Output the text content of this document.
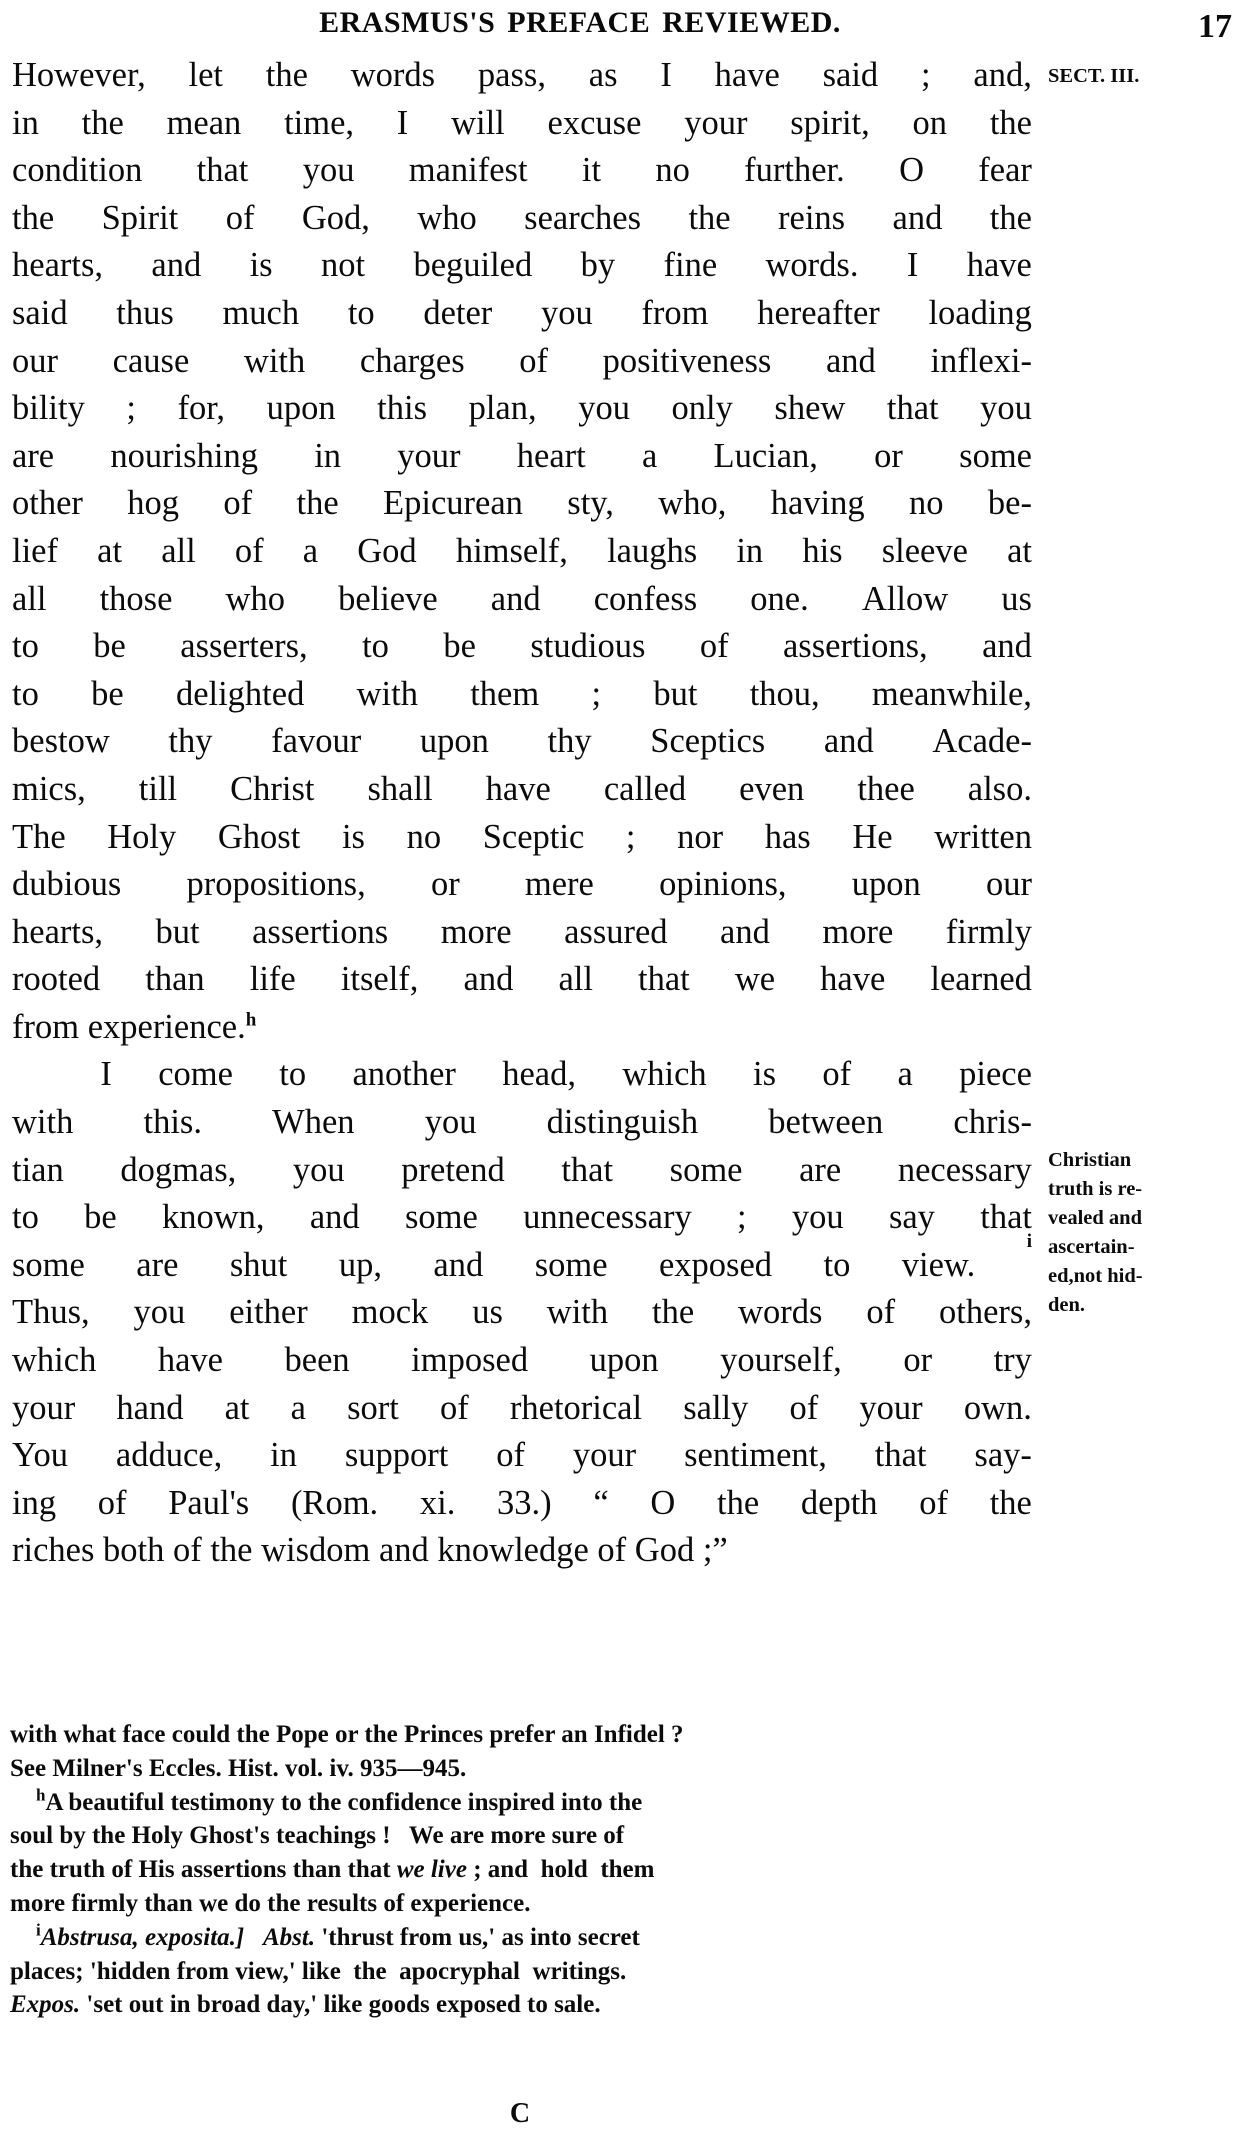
ERASMUS'S PREFACE REVIEWED.	17
SECT. III.
Christian
truth is re-
vealed and
ascertain-
ed,not hid-
den.

However, let the words pass, as I have said ; and,
in the mean time, I will excuse your spirit, on the
condition that you manifest it no further. O fear
the Spirit of God, who searches the reins and the
hearts, and is not beguiled by fine words. I have
said thus much to deter you from hereafter loading
our cause with charges of positiveness and inflexi-
bility ; for, upon this plan, you only shew that you
are nourishing in your heart a Lucian, or some
other hog of the Epicurean sty, who, having no be-
lief at all of a God himself, laughs in his sleeve at
all those who believe and confess one. Allow us
to be asserters, to be studious of assertions, and
to be delighted with them ; but thou, meanwhile,
bestow thy favour upon thy Sceptics and Acade-
mics, till Christ shall have called even thee also.
The Holy Ghost is no Sceptic ; nor has He written
dubious propositions, or mere opinions, upon our
hearts, but assertions more assured and more firmly
rooted than life itself, and all that we have learned
from experience.$^h$

I come to another head, which is of a piece
with this. When you distinguish between chris-
tian dogmas, you pretend that some are necessary
to be known, and some unnecessary ; you say that
some are shut up, and some exposed to view.
i
Thus, you either mock us with the words of others,
which have been imposed upon yourself, or try
your hand at a sort of rhetorical sally of your own.
You adduce, in support of your sentiment, that say-
ing of Paul's (Rom. xi. 33.) “ O the depth of the
riches both of the wisdom and knowledge of God ;”

with what face could the Pope or the Princes prefer an Infidel ?
See Milner's Eccles. Hist. vol. iv. 935—945.

$^h$A beautiful testimony to the confidence inspired into the
soul by the Holy Ghost's teachings !   We are more sure of
the truth of His assertions than that we live ; and  hold  them
more firmly than we do the results of experience.

$^i$Abstrusa, exposita.] Abst. 'thrust from us,' as into secret
places; 'hidden from view,' like  the  apocryphal  writings.
Expos. 'set out in broad day,' like goods exposed to sale.

C
